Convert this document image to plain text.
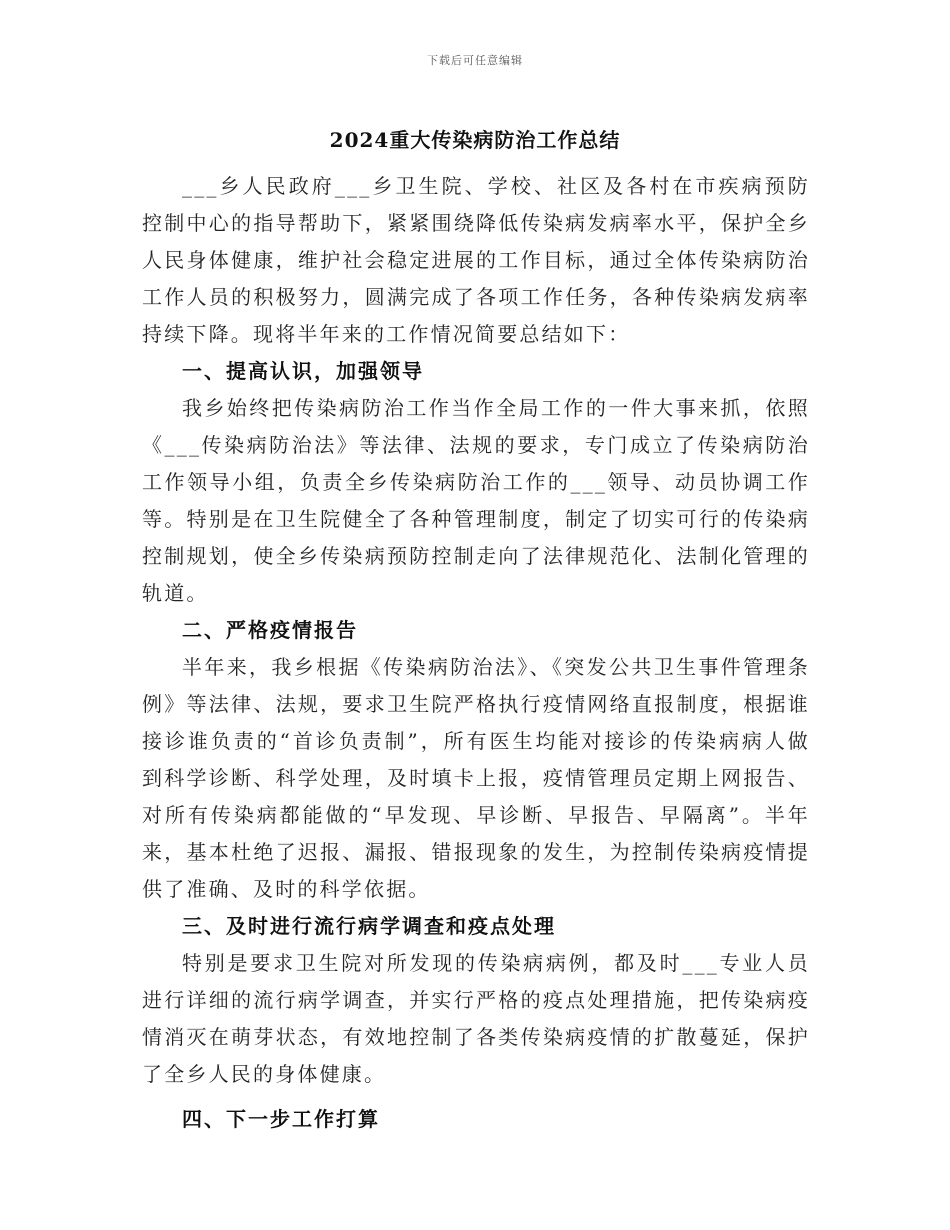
下载后可任意编辑
2024重大传染病防治工作总结

___乡人民政府___乡卫生院、学校、社区及各村在市疾病预防控制中心的指导帮助下，紧紧围绕降低传染病发病率水平，保护全乡人民身体健康，维护社会稳定进展的工作目标，通过全体传染病防治工作人员的积极努力，圆满完成了各项工作任务，各种传染病发病率持续下降。现将半年来的工作情况简要总结如下：

一、提高认识，加强领导

我乡始终把传染病防治工作当作全局工作的一件大事来抓，依照《___传染病防治法》等法律、法规的要求，专门成立了传染病防治工作领导小组，负责全乡传染病防治工作的___领导、动员协调工作等。特别是在卫生院健全了各种管理制度，制定了切实可行的传染病控制规划，使全乡传染病预防控制走向了法律规范化、法制化管理的轨道。

二、严格疫情报告

半年来，我乡根据《传染病防治法》、《突发公共卫生事件管理条例》等法律、法规，要求卫生院严格执行疫情网络直报制度，根据谁接诊谁负责的“首诊负责制”，所有医生均能对接诊的传染病病人做到科学诊断、科学处理，及时填卡上报，疫情管理员定期上网报告、对所有传染病都能做的“早发现、早诊断、早报告、早隔离”。半年来，基本杜绝了迟报、漏报、错报现象的发生，为控制传染病疫情提供了准确、及时的科学依据。

三、及时进行流行病学调查和疫点处理

特别是要求卫生院对所发现的传染病病例，都及时___专业人员进行详细的流行病学调查，并实行严格的疫点处理措施，把传染病疫情消灭在萌芽状态，有效地控制了各类传染病疫情的扩散蔓延，保护了全乡人民的身体健康。

四、下一步工作打算
